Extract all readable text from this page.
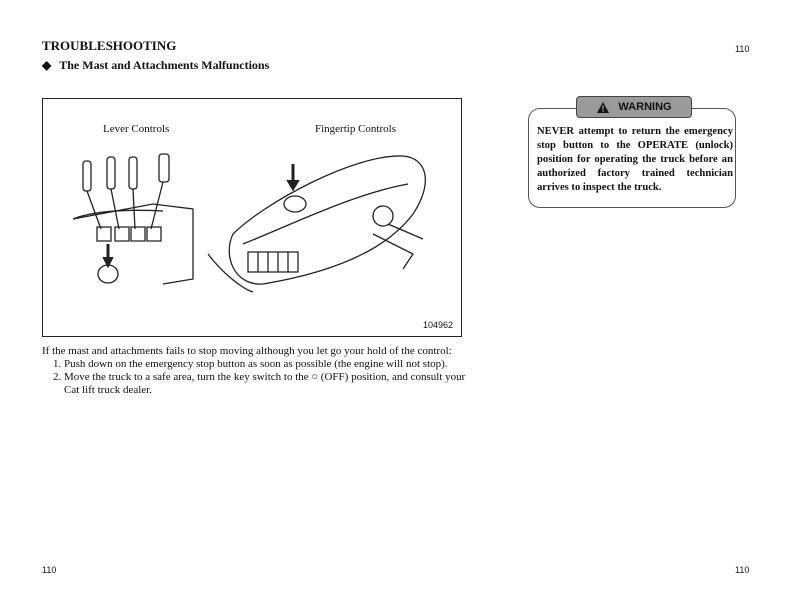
TROUBLESHOOTING
◆ The Mast and Attachments Malfunctions
110
Lever Controls	Fingertip Controls
104962
WARNING
NEVER attempt to return the emergency stop button to the OPERATE (unlock) position for operating the truck before an authorized factory trained technician arrives to inspect the truck.
If the mast and attachments fails to stop moving although you let go your hold of the control:
1. Push down on the emergency stop button as soon as possible (the engine will not stop).
2. Move the truck to a safe area, turn the key switch to the ○ (OFF) position, and consult your Cat lift truck dealer.
110	110
